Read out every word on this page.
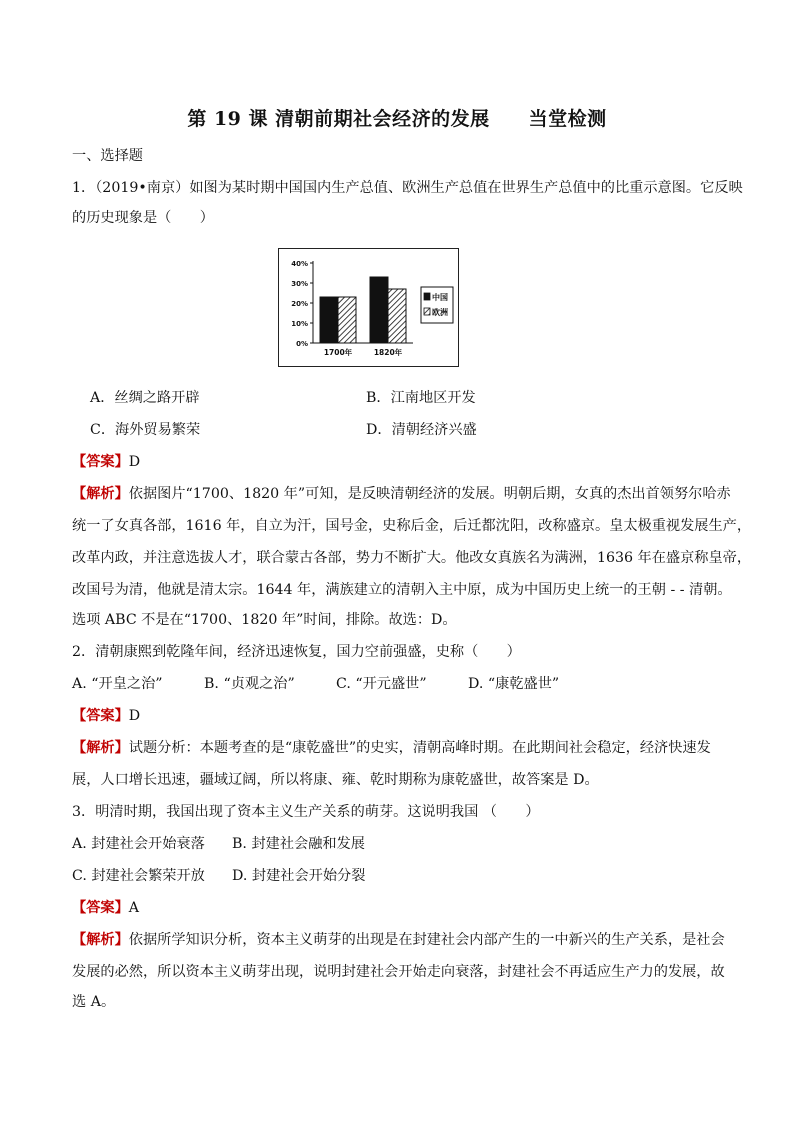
第 19 课 清朝前期社会经济的发展　　当堂检测
一、选择题
1．（2019•南京）如图为某时期中国国内生产总值、欧洲生产总值在世界生产总值中的比重示意图。它反映
的历史现象是（　　）
40%
30%
20%
10%
0%
1700年	1820年
中国
欧洲
A．丝绸之路开辟	B．江南地区开发
C．海外贸易繁荣	D．清朝经济兴盛
【答案】D
【解析】依据图片“1700、1820 年”可知，是反映清朝经济的发展。明朝后期，女真的杰出首领努尔哈赤
统一了女真各部，1616 年，自立为汗，国号金，史称后金，后迁都沈阳，改称盛京。皇太极重视发展生产，
改革内政，并注意选拔人才，联合蒙古各部，势力不断扩大。他改女真族名为满洲，1636 年在盛京称皇帝，
改国号为清，他就是清太宗。1644 年，满族建立的清朝入主中原，成为中国历史上统一的王朝 - - 清朝。
选项 ABC 不是在“1700、1820 年”时间，排除。故选：D。
2．清朝康熙到乾隆年间，经济迅速恢复，国力空前强盛，史称（　　）
A. “开皇之治”	B. “贞观之治”	C. “开元盛世”	D. “康乾盛世”
【答案】D
【解析】试题分析：本题考查的是“康乾盛世”的史实，清朝高峰时期。在此期间社会稳定，经济快速发
展，人口增长迅速，疆域辽阔，所以将康、雍、乾时期称为康乾盛世，故答案是 D。
3．明清时期，我国出现了资本主义生产关系的萌芽。这说明我国 （　　）
A. 封建社会开始衰落 B. 封建社会融和发展
C. 封建社会繁荣开放 D. 封建社会开始分裂
【答案】A
【解析】依据所学知识分析，资本主义萌芽的出现是在封建社会内部产生的一中新兴的生产关系，是社会
发展的必然，所以资本主义萌芽出现，说明封建社会开始走向衰落，封建社会不再适应生产力的发展，故
选 A。
